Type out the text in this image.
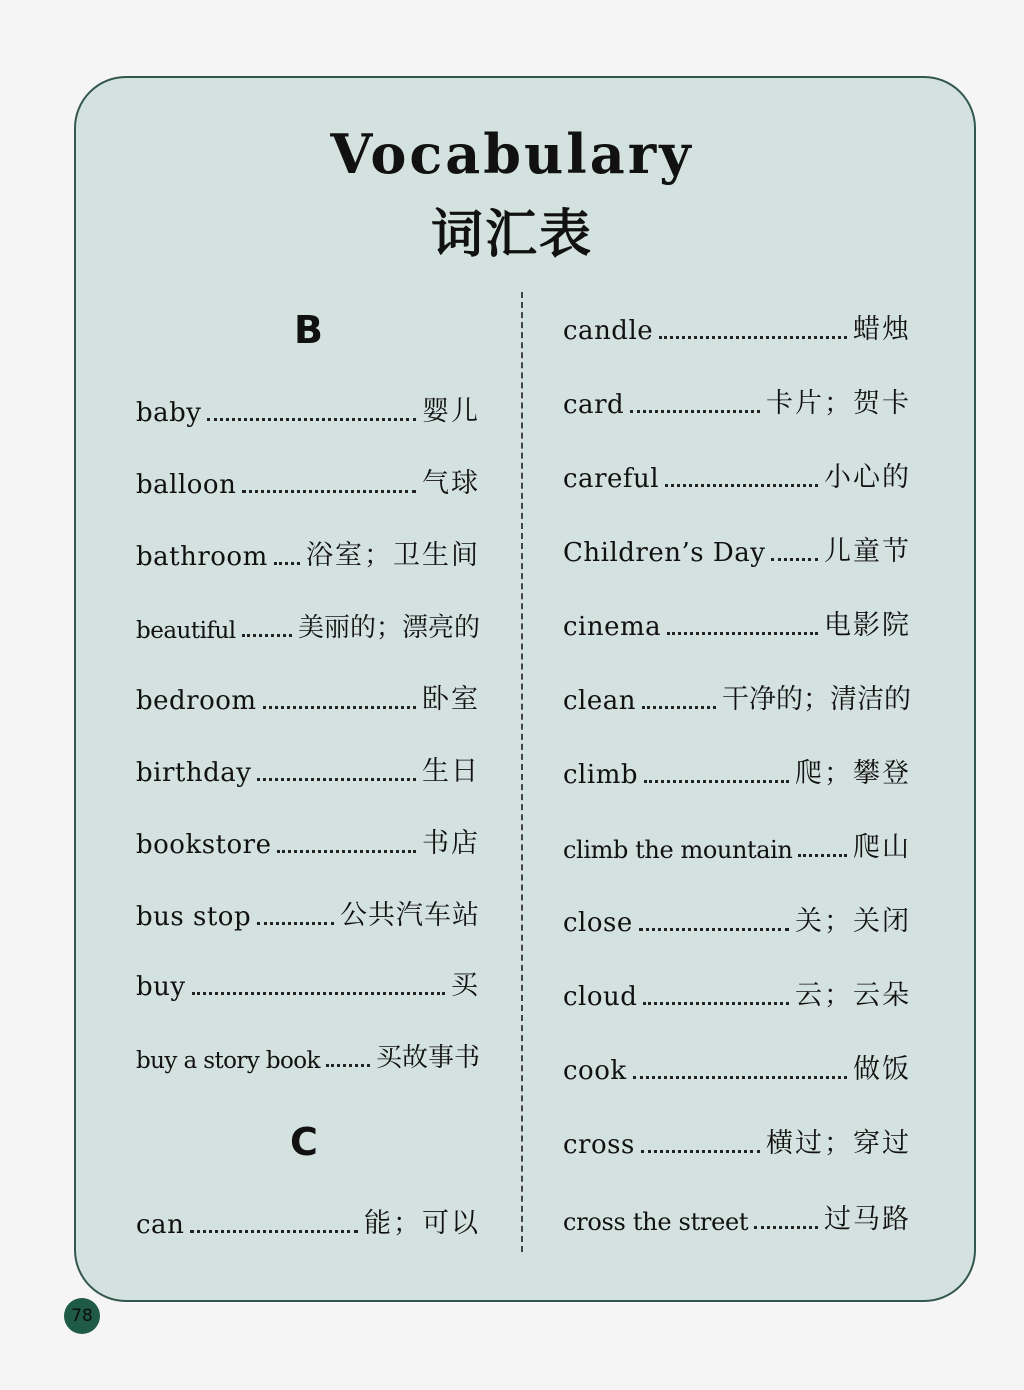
Vocabulary
词汇表
B
C
baby	婴儿
balloon	气球
bathroom 浴室；卫生间
beautiful 美丽的；漂亮的
bedroom	卧室
birthday	生日
bookstore	书店
bus stop	公共汽车站
buy	买
buy a story book 买故事书
can	能；可以
candle	蜡烛
card	卡片；贺卡
careful	小心的
Children’s Day 儿童节
cinema	电影院
clean	干净的；清洁的
climb	爬；攀登
climb the mountain 爬山
close	关；关闭
cloud	云；云朵
cook	做饭
cross	横过；穿过
cross the street	过马路
78
